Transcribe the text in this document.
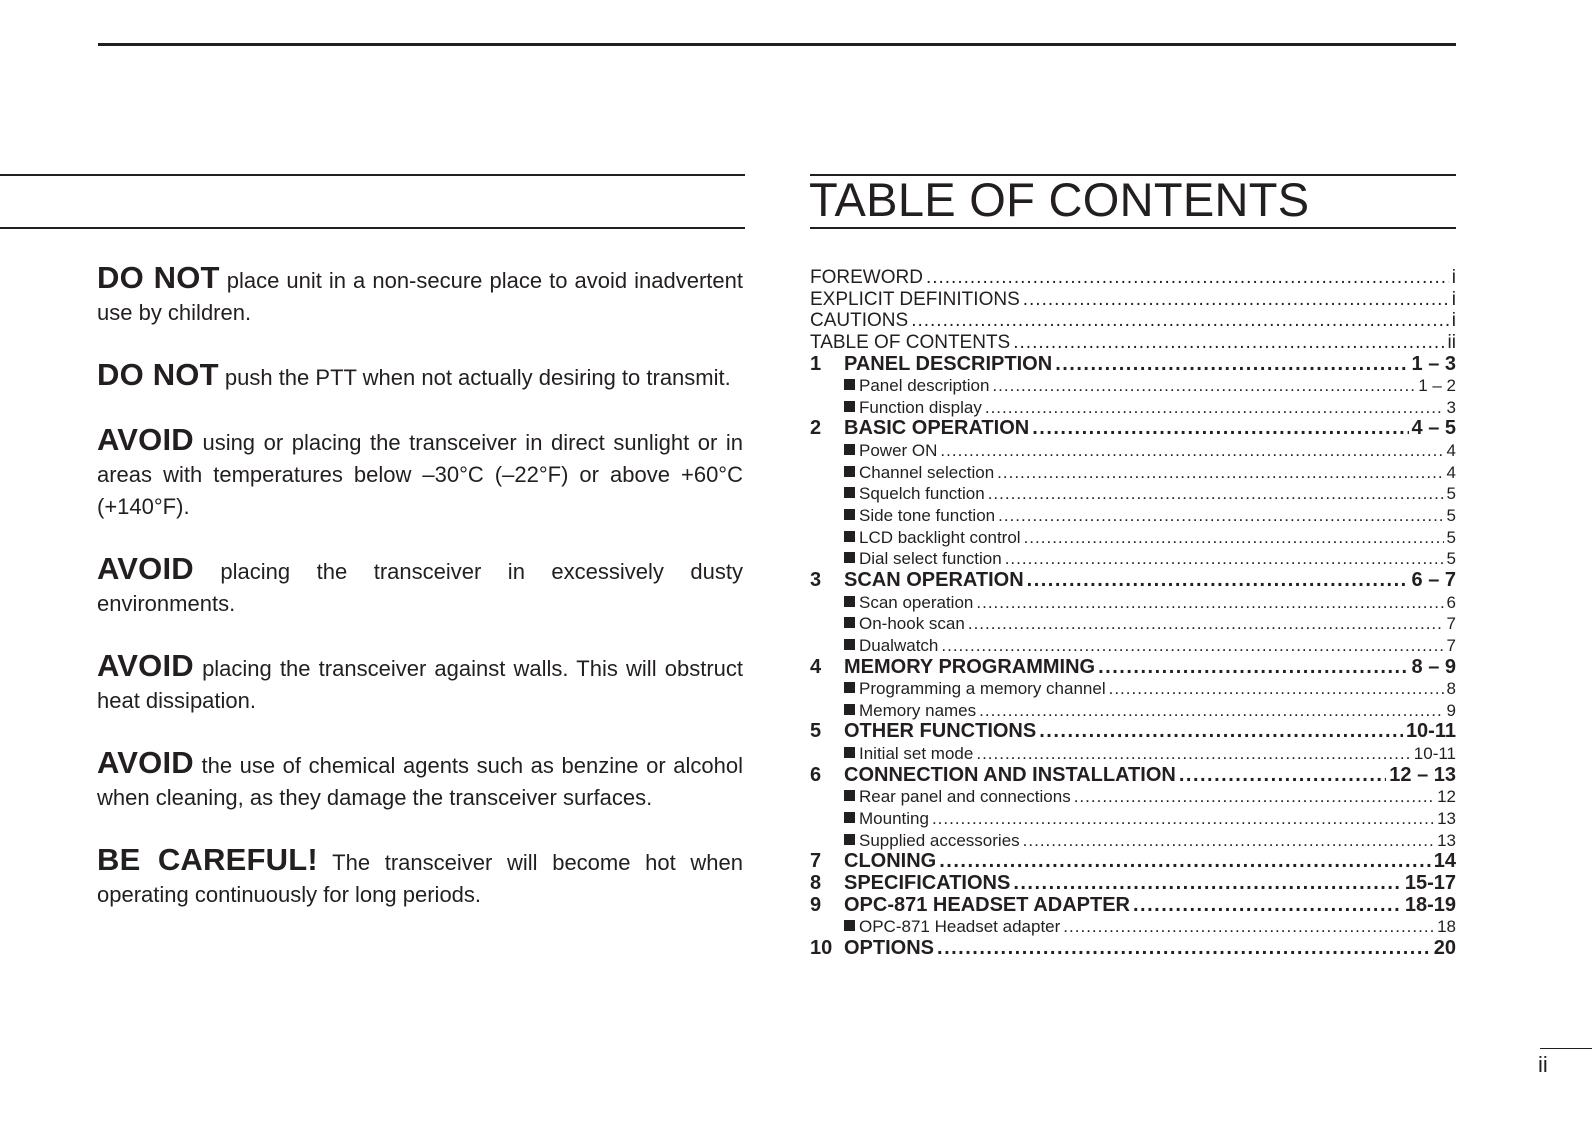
DO NOT place unit in a non-secure place to avoid inadvertent use by children.

DO NOT push the PTT when not actually desiring to transmit.

AVOID using or placing the transceiver in direct sunlight or in areas with temperatures below –30°C (–22°F) or above +60°C (+140°F).

AVOID placing the transceiver in excessively dusty environments.

AVOID placing the transceiver against walls. This will obstruct heat dissipation.

AVOID the use of chemical agents such as benzine or alcohol when cleaning, as they damage the transceiver surfaces.

BE CAREFUL! The transceiver will become hot when operating continuously for long periods.

TABLE OF CONTENTS
FOREWORD .....	i
EXPLICIT DEFINITIONS .....	i
CAUTIONS .....	i
TABLE OF CONTENTS .....	ii
1	PANEL DESCRIPTION .....	1 – 3
Panel description .....	1 – 2
Function display .....	3
2	BASIC OPERATION .....	4 – 5
Power ON .....	4
Channel selection .....	4
Squelch function .....	5
Side tone function .....	5
LCD backlight control .....	5
Dial select function .....	5
3	SCAN OPERATION .....	6 – 7
Scan operation .....	6
On-hook scan .....	7
Dualwatch .....	7
4	MEMORY PROGRAMMING .....	8 – 9
Programming a memory channel .....	8
Memory names .....	9
5	OTHER FUNCTIONS .....	10-11
Initial set mode .....	10-11
6	CONNECTION AND INSTALLATION .....	12 – 13
Rear panel and connections .....	12
Mounting .....	13
Supplied accessories .....	13
7	CLONING .....	14
8	SPECIFICATIONS .....	15-17
9	OPC-871 HEADSET ADAPTER .....	18-19
OPC-871 Headset adapter .....	18
10 OPTIONS .....	20
ii
